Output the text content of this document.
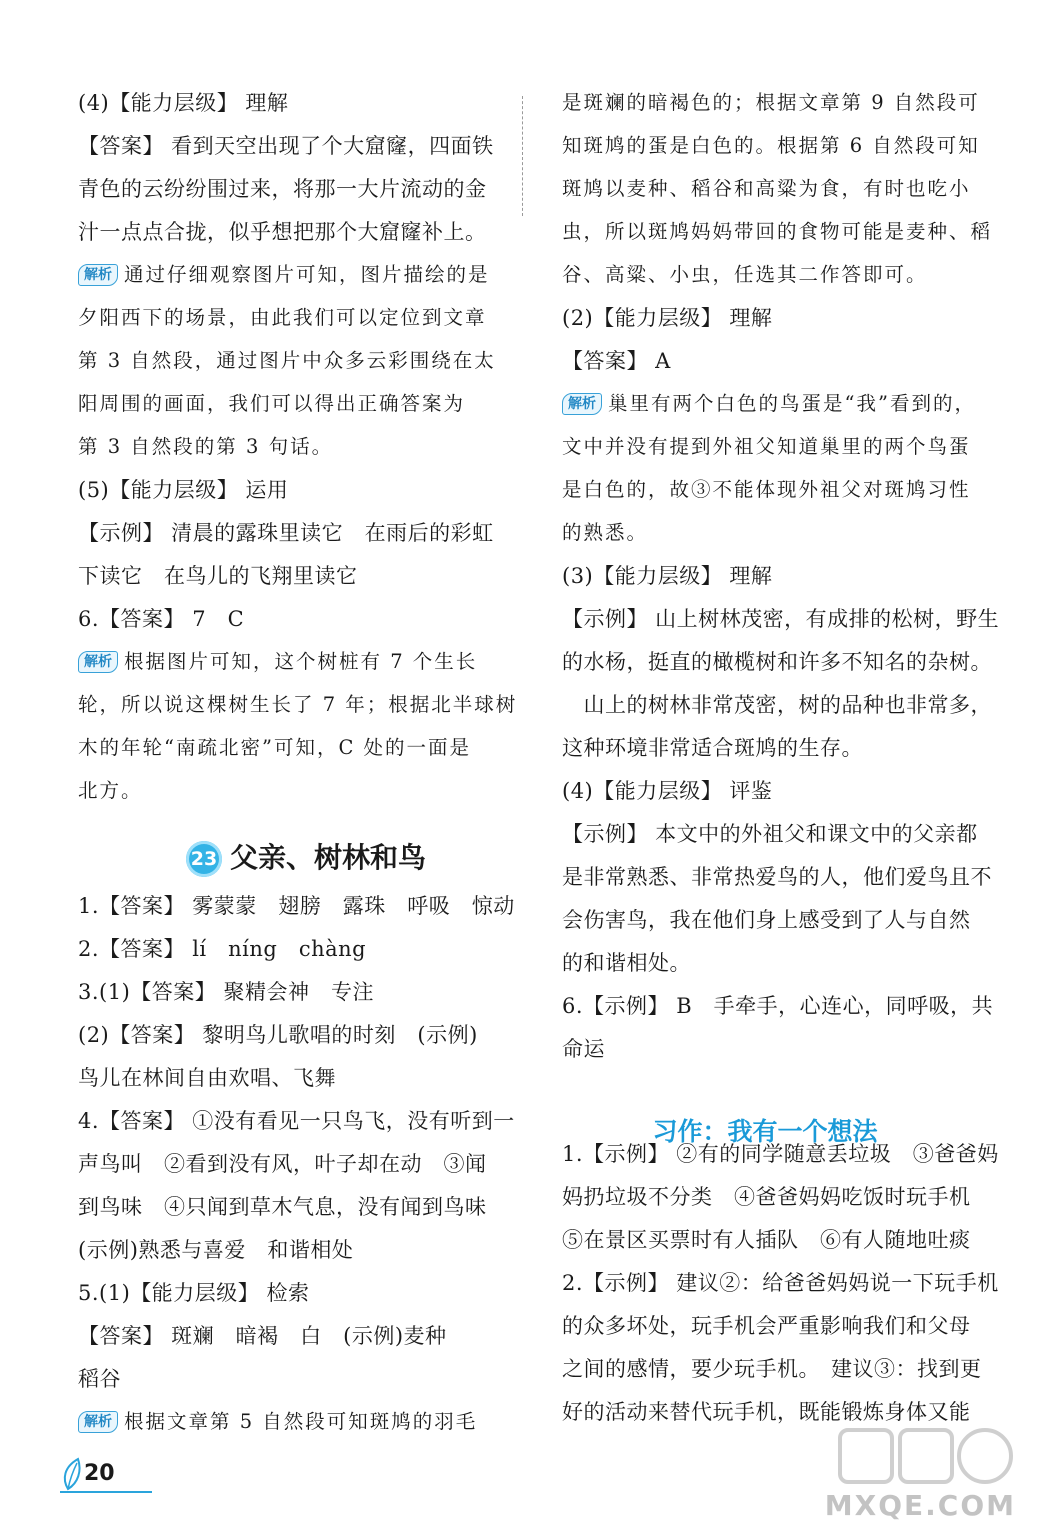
(4)【能力层级】 理解
【答案】 看到天空出现了个大窟窿，四面铁
青色的云纷纷围过来，将那一大片流动的金
汁一点点合拢，似乎想把那个大窟窿补上。
解析 通过仔细观察图片可知，图片描绘的是
夕阳西下的场景，由此我们可以定位到文章
第 3 自然段，通过图片中众多云彩围绕在太
阳周围的画面，我们可以得出正确答案为
第 3 自然段的第 3 句话。
(5)【能力层级】 运用
【示例】 清晨的露珠里读它　在雨后的彩虹
下读它　在鸟儿的飞翔里读它
6.【答案】 7　C
解析 根据图片可知，这个树桩有 7 个生长
轮，所以说这棵树生长了 7 年；根据北半球树
木的年轮“南疏北密”可知，C 处的一面是
北方。
1.【答案】 雾蒙蒙　翅膀　露珠　呼吸　惊动
2.【答案】 lí　níng　chàng
3.(1)【答案】 聚精会神　专注
(2)【答案】 黎明鸟儿歌唱的时刻　(示例)
鸟儿在林间自由欢唱、飞舞
4.【答案】 ①没有看见一只鸟飞，没有听到一
声鸟叫　②看到没有风，叶子却在动　③闻
到鸟味　④只闻到草木气息，没有闻到鸟味
(示例)熟悉与喜爱　和谐相处
5.(1)【能力层级】 检索
【答案】 斑斓　暗褐　白　(示例)麦种
稻谷
解析 根据文章第 5 自然段可知斑鸠的羽毛
是斑斓的暗褐色的；根据文章第 9 自然段可
知斑鸠的蛋是白色的。根据第 6 自然段可知
斑鸠以麦种、稻谷和高粱为食，有时也吃小
虫，所以斑鸠妈妈带回的食物可能是麦种、稻
谷、高粱、小虫，任选其二作答即可。
(2)【能力层级】 理解
【答案】 A
解析 巢里有两个白色的鸟蛋是“我”看到的，
文中并没有提到外祖父知道巢里的两个鸟蛋
是白色的，故③不能体现外祖父对斑鸠习性
的熟悉。
(3)【能力层级】 理解
【示例】 山上树林茂密，有成排的松树，野生
的水杨，挺直的橄榄树和许多不知名的杂树。
　山上的树林非常茂密，树的品种也非常多，
这种环境非常适合斑鸠的生存。
(4)【能力层级】 评鉴
【示例】 本文中的外祖父和课文中的父亲都
是非常熟悉、非常热爱鸟的人，他们爱鸟且不
会伤害鸟，我在他们身上感受到了人与自然
的和谐相处。
6.【示例】 B　手牵手，心连心，同呼吸，共
命运
1.【示例】 ②有的同学随意丢垃圾　③爸爸妈
妈扔垃圾不分类　④爸爸妈妈吃饭时玩手机
⑤在景区买票时有人插队　⑥有人随地吐痰
2.【示例】 建议②：给爸爸妈妈说一下玩手机
的众多坏处，玩手机会严重影响我们和父母
之间的感情，要少玩手机。　建议③：找到更
好的活动来替代玩手机，既能锻炼身体又能
23 父亲、树林和鸟
习作：我有一个想法
20
MXQE.COM
